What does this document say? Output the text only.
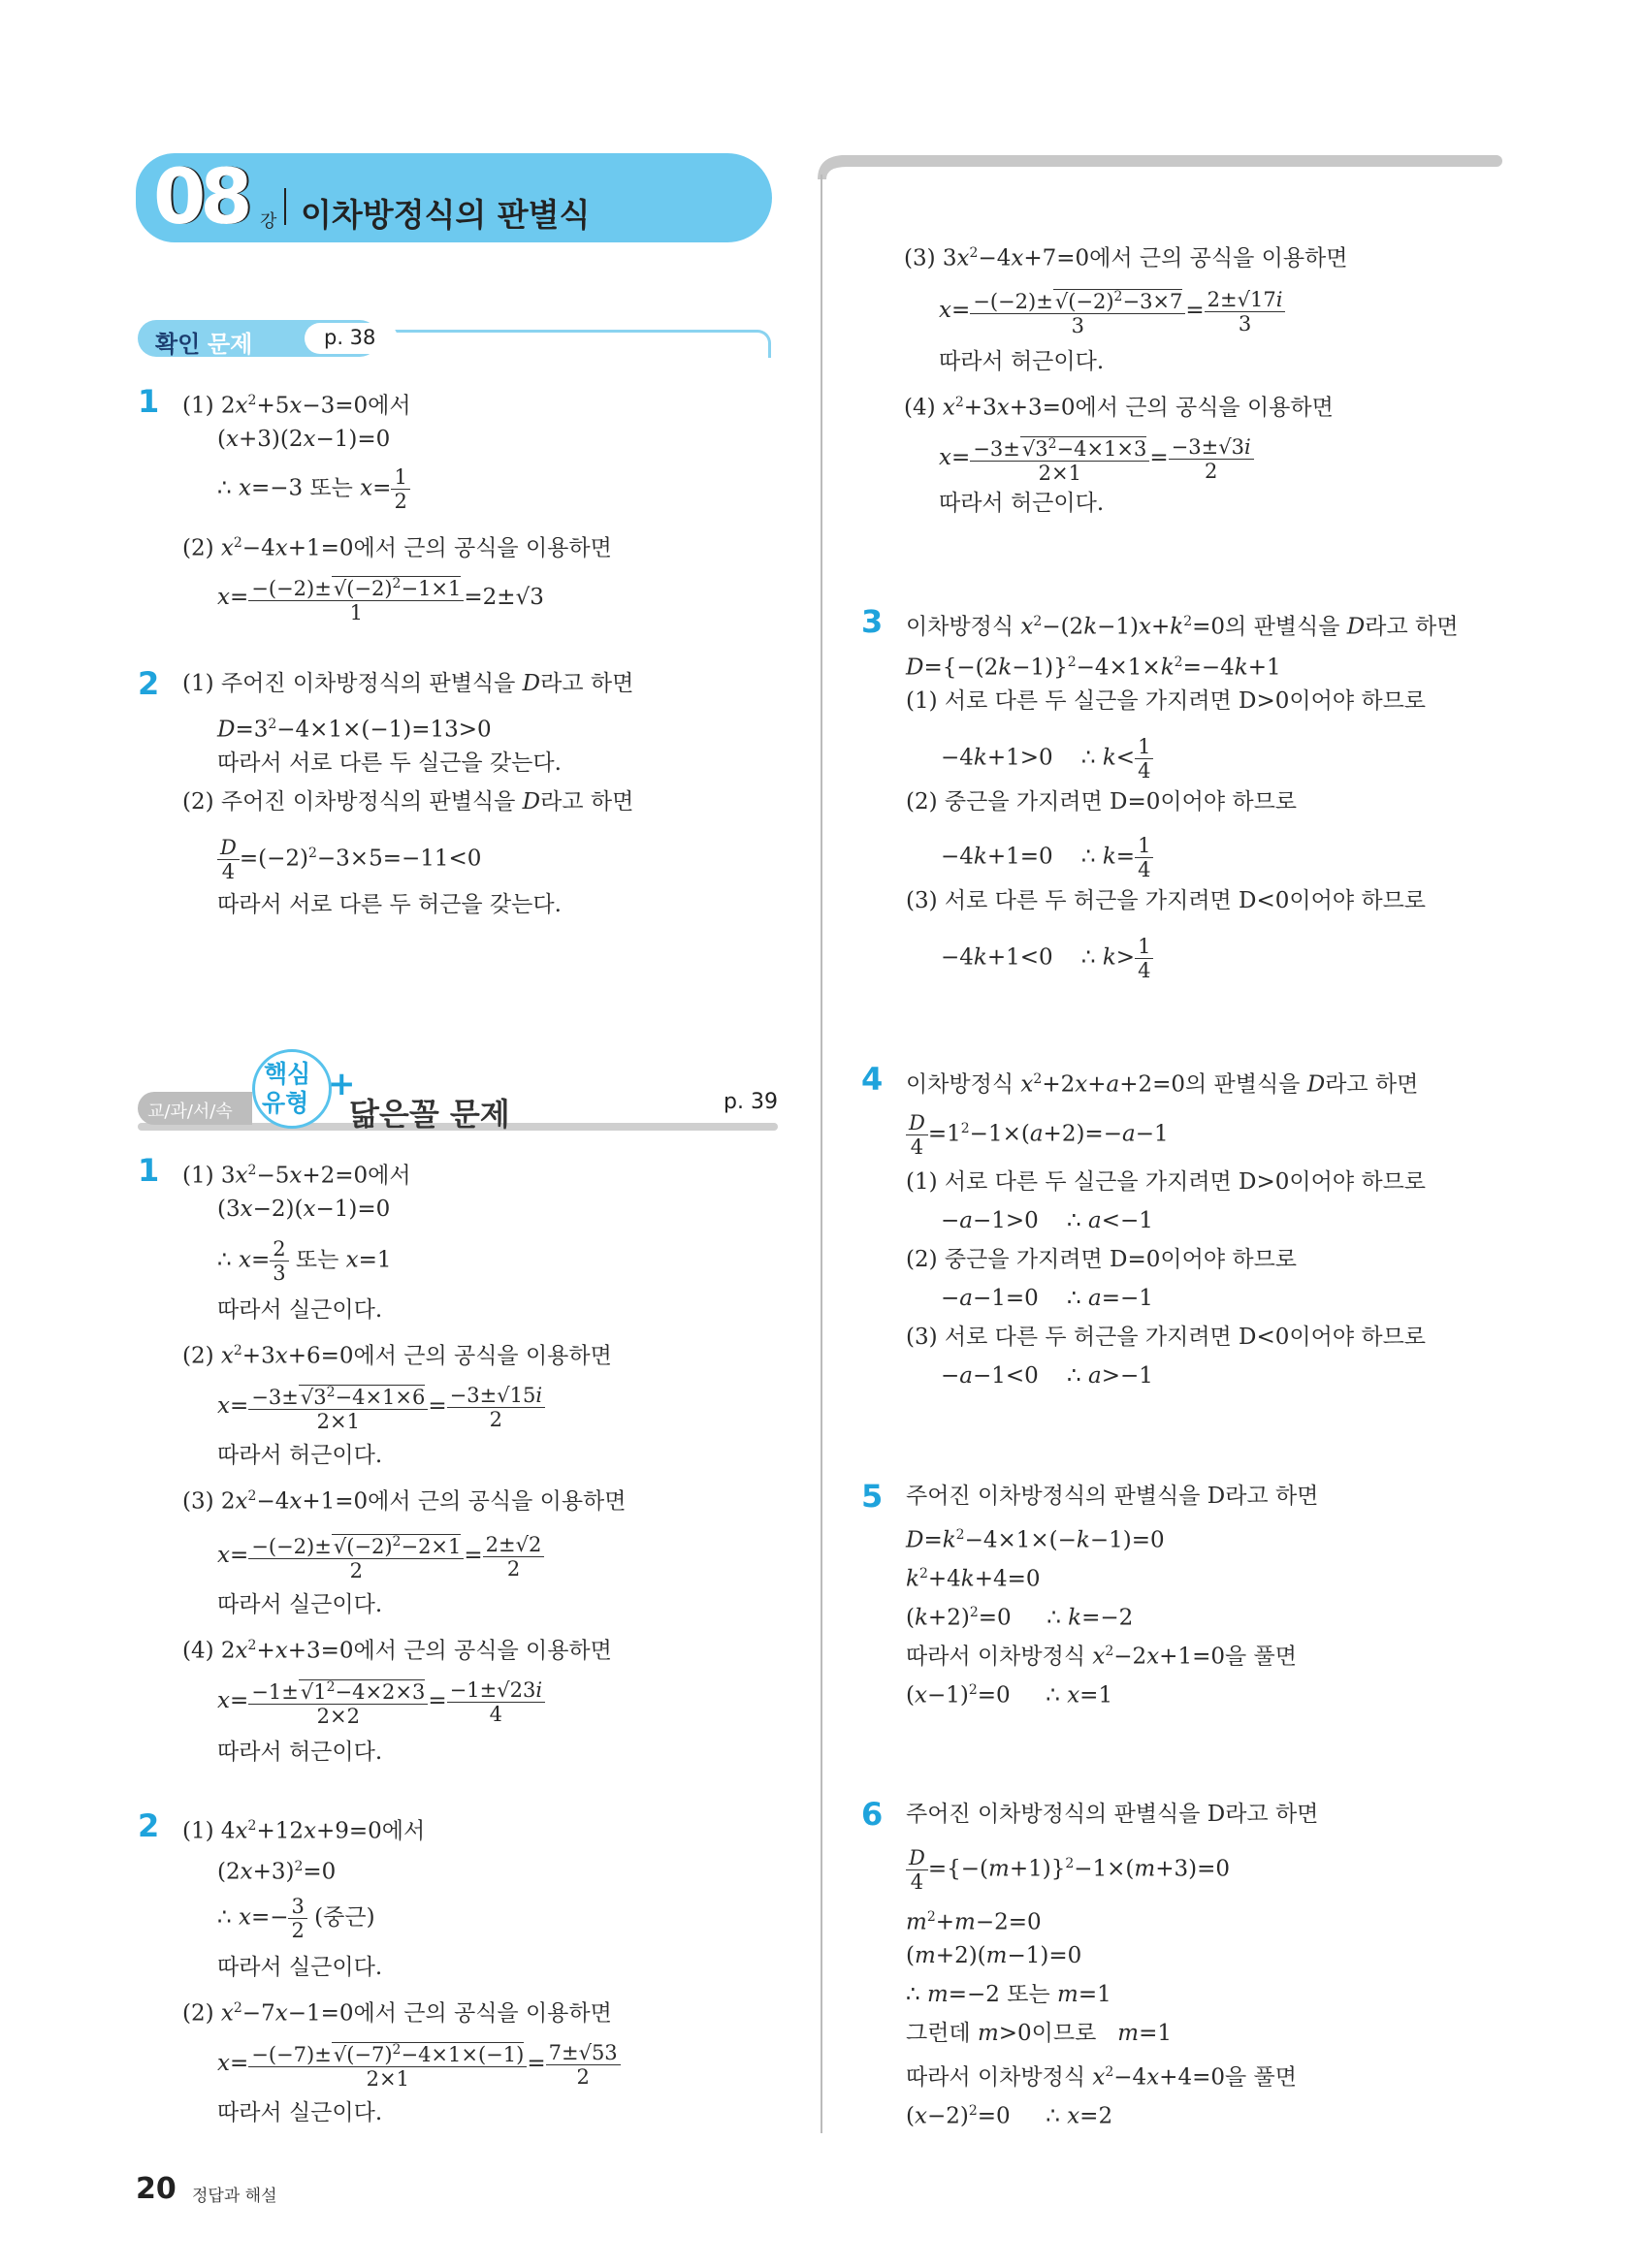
08 강 이차방정식의 판별식
확인 문제	p. 38
1 (1) $2x^2+5x-3=0$에서
(x+3)(2x−1)=0
∴ x=−3 또는 $x= \frac{1}{2}$
(2) $x^2-4x+1=0$에서 근의 공식을 이용하면
$x= \frac{-(-2)\pm√(-2)^2-1\times 1}{1} =2\pm√3$
2 (1) 주어진 이차방정식의 판별식을 D라고 하면
$D=3^2-4\times 1\times(-1)=13>0$
따라서 서로 다른 두 실근을 갖는다.
(2) 주어진 이차방정식의 판별식을 D라고 하면
$\frac{D}{4} =(-2)^2-3\times 5=-11<0$
따라서 서로 다른 두 허근을 갖는다.
교/과/서/속
핵심
유형 +
닮은꼴 문제	p. 39
1 (1) $3x^2-5x+2=0$에서
(3x−2)(x−1)=0
∴ $x= \frac{2}{3}$ 또는 x=1
따라서 실근이다.
(2) $x^2+3x+6=0$에서 근의 공식을 이용하면
$x= \frac{-3\pm√3^2-4\times 1\times 6}{2\times 1} = \frac{-3\pm√15i}{2}$
따라서 허근이다.
(3) $2x^2-4x+1=0$에서 근의 공식을 이용하면
$x= \frac{-(-2)\pm√(-2)^2-2\times 1}{2} = \frac{2\pm√2}{2}$
따라서 실근이다.
(4) $2x^2+x+3=0$에서 근의 공식을 이용하면
$x= \frac{-1\pm√1^2-4\times 2\times 3}{2\times 2} = \frac{-1\pm√23i}{4}$
따라서 허근이다.
2 (1) $4x^2+12x+9=0$에서
$(2x+3)^2=0$
∴ $x=- \frac{3}{2}$ (중근)
따라서 실근이다.
(2) $x^2-7x-1=0$에서 근의 공식을 이용하면
$x= \frac{-(-7)\pm√(-7)^2-4\times 1\times(-1)}{2\times 1} = \frac{7\pm√53}{2}$
따라서 실근이다.
(3) $3x^2-4x+7=0$에서 근의 공식을 이용하면
$x= \frac{-(-2)\pm√(-2)^2-3\times 7}{3} = \frac{2\pm√17i}{3}$
따라서 허근이다.
(4) $x^2+3x+3=0$에서 근의 공식을 이용하면
$x= \frac{-3\pm√3^2-4\times 1\times 3}{2\times 1} = \frac{-3\pm√3i}{2}$
따라서 허근이다.
3 이차방정식 $x^2-(2k-1)x+k^2=0$의 판별식을 D라고 하면
$D=\{-(2k-1)\}^2-4\times 1\times k^2=-4k+1$
(1) 서로 다른 두 실근을 가지려면 D>0이어야 하므로
−4k+1>0    ∴ $k< \frac{1}{4}$
(2) 중근을 가지려면 D=0이어야 하므로
−4k+1=0    ∴ $k= \frac{1}{4}$
(3) 서로 다른 두 허근을 가지려면 D<0이어야 하므로
−4k+1<0    ∴ $k> \frac{1}{4}$
4 이차방정식 $x^2+2x+a+2=0$의 판별식을 D라고 하면
$\frac{D}{4} =1^2-1\times(a+2)=-a-1$
(1) 서로 다른 두 실근을 가지려면 D>0이어야 하므로
−a−1>0    ∴ a<−1
(2) 중근을 가지려면 D=0이어야 하므로
−a−1=0    ∴ a=−1
(3) 서로 다른 두 허근을 가지려면 D<0이어야 하므로
−a−1<0    ∴ a>−1
5 주어진 이차방정식의 판별식을 D라고 하면
$D=k^2-4\times 1\times(-k-1)=0$
$k^2+4k+4=0$
$(k+2)^2=0$     ∴ k=−2
따라서 이차방정식 $x^2-2x+1=0$을 풀면
$(x-1)^2=0$     ∴ x=1
6 주어진 이차방정식의 판별식을 D라고 하면
$\frac{D}{4} =\{-(m+1)\}^2-1\times(m+3)=0$
$m^2+m-2=0$
(m+2)(m−1)=0
∴ m=−2 또는 m=1
그런데 m>0이므로   m=1
따라서 이차방정식 $x^2-4x+4=0$을 풀면
$(x-2)^2=0$     ∴ x=2
20 정답과 해설
